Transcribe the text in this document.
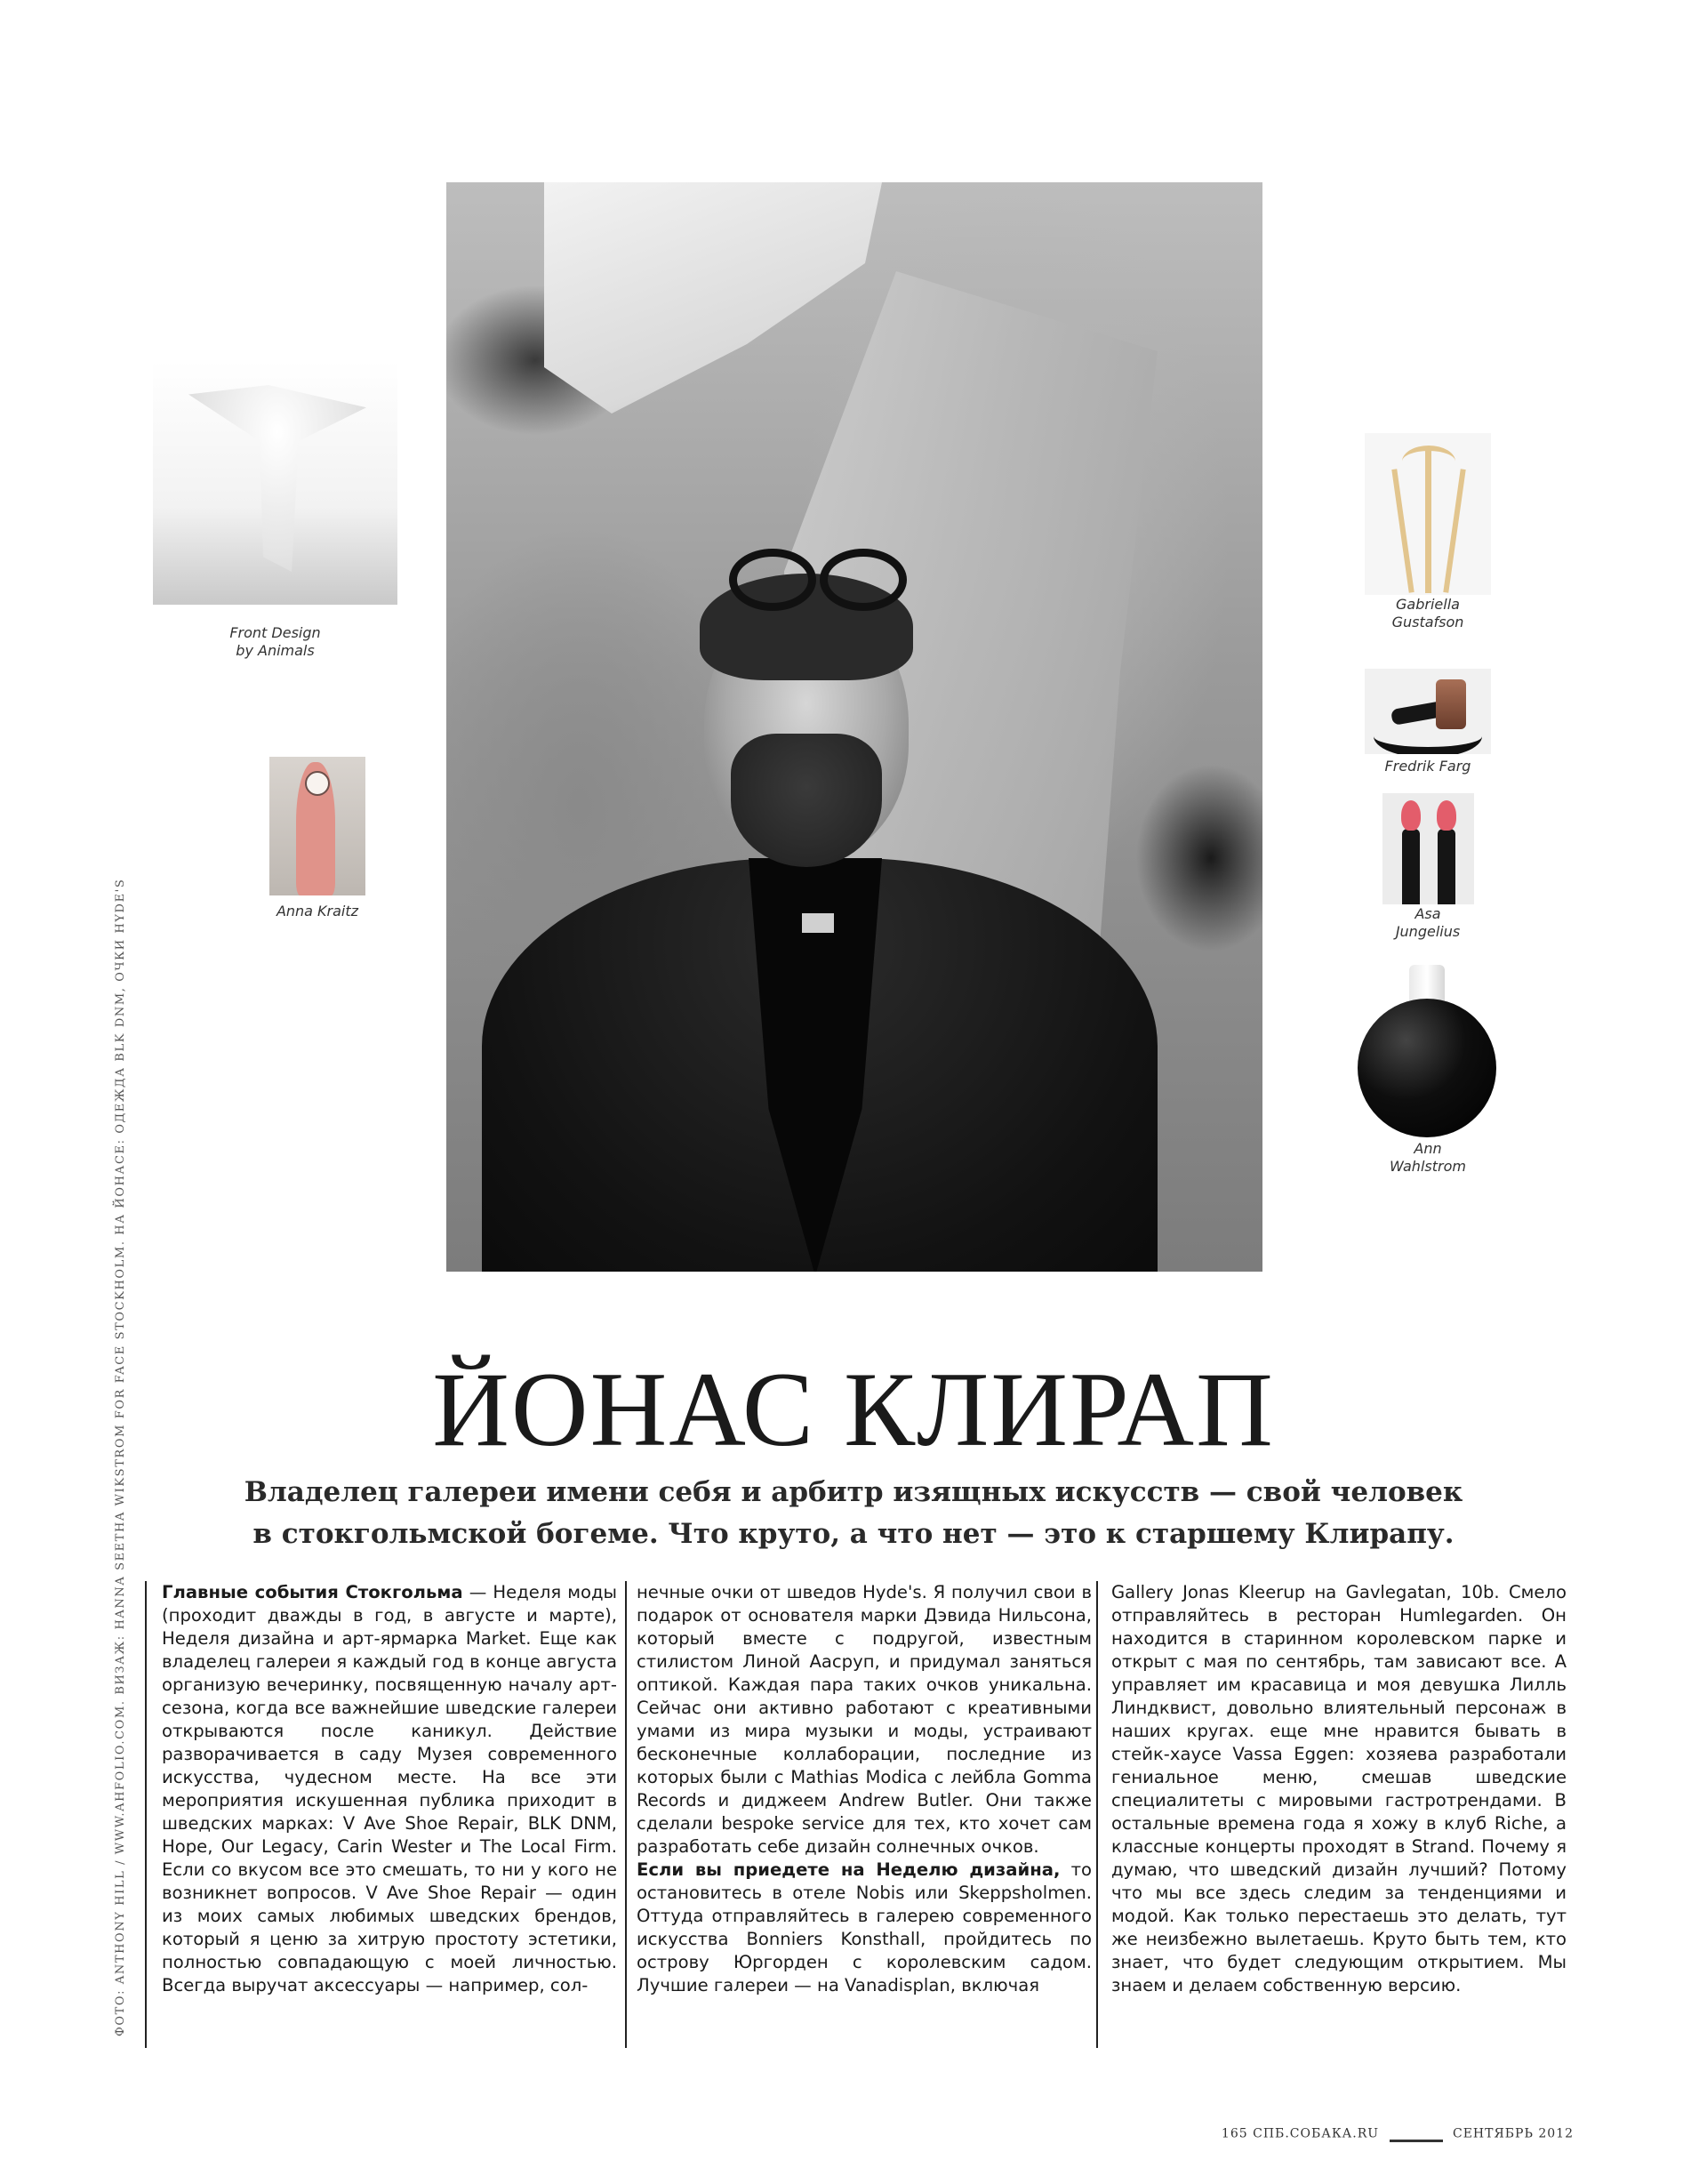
ФОТО: ANTHONY HILL / WWW.AHFOLIO.COM. ВИЗАЖ: HANNA SEETHA WIKSTROM FOR FACE STOCKHOLM. НА ЙОНАСЕ: ОДЕЖДА BLK DNM, ОЧКИ HYDE'S
Front Design
by Animals
Anna Kraitz
Gabriella
Gustafson
Fredrik Farg
Asa
Jungelius
Ann
Wahlstrom
ЙОНАС КЛИРАП
Владелец галереи имени себя и арбитр изящных искусств — свой человек
в стокгольмской богеме. Что круто, а что нет — это к старшему Клирапу.

Главные события Стокгольма — Неделя моды (проходит дважды в год, в августе и марте), Неделя дизайна и арт-ярмарка Market. Еще как владелец галереи я каждый год в конце августа организую вечеринку, посвященную началу арт-сезона, когда все важнейшие шведские галереи открываются после каникул. Действие разворачивается в саду Музея современного искусства, чудесном месте. На все эти мероприятия искушенная публика приходит в шведских марках: V Ave Shoe Repair, BLK DNM, Hope, Our Legacy, Carin Wester и The Local Firm. Если со вкусом все это смешать, то ни у кого не возникнет вопросов. V Ave Shoe Repair — один из моих самых любимых шведских брендов, который я ценю за хитрую простоту эстетики, полностью совпадающую с моей личностью. Всегда выручат аксессуары — например, сол-

нечные очки от шведов Hyde's. Я получил свои в подарок от основателя марки Дэвида Нильсона, который вместе с подругой, известным стилистом Линой Аасруп, и придумал заняться оптикой. Каждая пара таких очков уникальна. Сейчас они активно работают с креативными умами из мира музыки и моды, устраивают бесконечные коллаборации, последние из которых были с Mathias Modica с лейбла Gomma Records и диджеем Andrew Butler. Они также сделали bespoke service для тех, кто хочет сам разработать себе дизайн солнечных очков.

Если вы приедете на Неделю дизайна, то остановитесь в отеле Nobis или Skeppsholmen. Оттуда отправляйтесь в галерею современного искусства Bonniers Konsthall, пройдитесь по острову Юргорден с королевским садом. Лучшие галереи — на Vanadisplan, включая

Gallery Jonas Kleerup на Gavlegatan, 10b. Смело отправляйтесь в ресторан Humlegarden. Он находится в старинном королевском парке и открыт с мая по сентябрь, там зависают все. А управляет им красавица и моя девушка Лилль Линдквист, довольно влиятельный персонаж в наших кругах. еще мне нравится бывать в стейк-хаусе Vassa Eggen: хозяева разработали гениальное меню, смешав шведские специалитеты с мировыми гастротрендами. В остальные времена года я хожу в клуб Riche, а классные концерты проходят в Strand. Почему я думаю, что шведский дизайн лучший? Потому что мы все здесь следим за тенденциями и модой. Как только перестаешь это делать, тут же неизбежно вылетаешь. Круто быть тем, кто знает, что будет следующим открытием. Мы знаем и делаем собственную версию.

165 СПБ.СОБАКА.RU	СЕНТЯБРЬ 2012
